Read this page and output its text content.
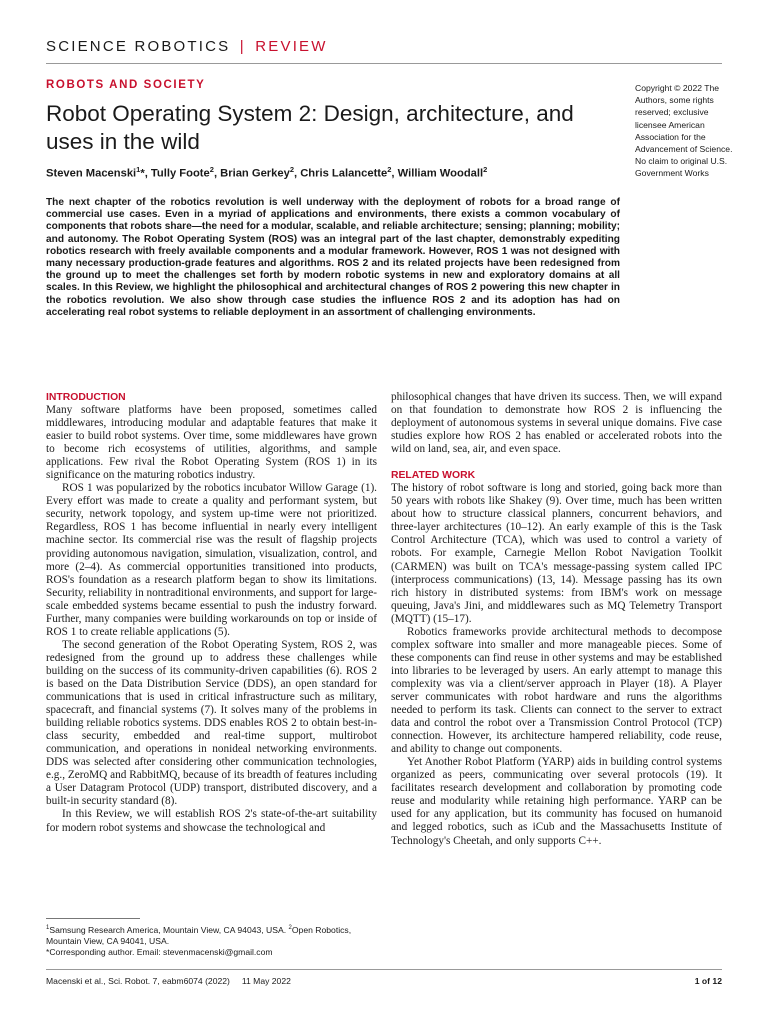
SCIENCE ROBOTICS | REVIEW
ROBOTS AND SOCIETY
Robot Operating System 2: Design, architecture, and uses in the wild
Steven Macenski$^1$*, Tully Foote$^2$, Brian Gerkey$^2$, Chris Lalancette$^2$, William Woodall$^2$
Copyright © 2022 The Authors, some rights reserved; exclusive licensee American Association for the Advancement of Science. No claim to original U.S. Government Works
The next chapter of the robotics revolution is well underway with the deployment of robots for a broad range of commercial use cases. Even in a myriad of applications and environments, there exists a common vocabulary of components that robots share—the need for a modular, scalable, and reliable architecture; sensing; planning; mobility; and autonomy. The Robot Operating System (ROS) was an integral part of the last chapter, demonstrably expediting robotics research with freely available components and a modular framework. However, ROS 1 was not designed with many necessary production-grade features and algorithms. ROS 2 and its related projects have been redesigned from the ground up to meet the challenges set forth by modern robotic systems in new and exploratory domains at all scales. In this Review, we highlight the philosophical and architectural changes of ROS 2 powering this new chapter in the robotics revolution. We also show through case studies the influence ROS 2 and its adoption has had on accelerating real robot systems to reliable deployment in an assortment of challenging environments.
INTRODUCTION

Many software platforms have been proposed, sometimes called middlewares, introducing modular and adaptable features that make it easier to build robot systems. Over time, some middlewares have grown to become rich ecosystems of utilities, algorithms, and sample applications. Few rival the Robot Operating System (ROS 1) in its significance on the maturing robotics industry.

ROS 1 was popularized by the robotics incubator Willow Garage (1). Every effort was made to create a quality and performant system, but security, network topology, and system up-time were not prioritized. Regardless, ROS 1 has become influential in nearly every intelligent machine sector. Its commercial rise was the result of flagship projects providing autonomous navigation, simulation, visualization, control, and more (2–4). As commercial opportunities transitioned into products, ROS's foundation as a research platform began to show its limitations. Security, reliability in nontraditional environments, and support for large-scale embedded systems became essential to push the industry forward. Further, many companies were building workarounds on top or inside of ROS 1 to create reliable applications (5).

The second generation of the Robot Operating System, ROS 2, was redesigned from the ground up to address these challenges while building on the success of its community-driven capabilities (6). ROS 2 is based on the Data Distribution Service (DDS), an open standard for communications that is used in critical infrastructure such as military, spacecraft, and financial systems (7). It solves many of the problems in building reliable robotics systems. DDS enables ROS 2 to obtain best-in-class security, embedded and real-time support, multirobot communication, and operations in nonideal networking environments. DDS was selected after considering other communication technologies, e.g., ZeroMQ and RabbitMQ, because of its breadth of features including a User Datagram Protocol (UDP) transport, distributed discovery, and a built-in security standard (8).

In this Review, we will establish ROS 2's state-of-the-art suitability for modern robot systems and showcase the technological and

philosophical changes that have driven its success. Then, we will expand on that foundation to demonstrate how ROS 2 is influencing the deployment of autonomous systems in several unique domains. Five case studies explore how ROS 2 has enabled or accelerated robots into the wild on land, sea, air, and even space.

RELATED WORK

The history of robot software is long and storied, going back more than 50 years with robots like Shakey (9). Over time, much has been written about how to structure classical planners, concurrent behaviors, and three-layer architectures (10–12). An early example of this is the Task Control Architecture (TCA), which was used to control a variety of robots. For example, Carnegie Mellon Robot Navigation Toolkit (CARMEN) was built on TCA's message-passing system called IPC (interprocess communications) (13, 14). Message passing has its own rich history in distributed systems: from IBM's work on message queuing, Java's Jini, and middlewares such as MQ Telemetry Transport (MQTT) (15–17).

Robotics frameworks provide architectural methods to decompose complex software into smaller and more manageable pieces. Some of these components can find reuse in other systems and may be established into libraries to be leveraged by users. An early attempt to manage this complexity was via a client/server approach in Player (18). A Player server communicates with robot hardware and runs the algorithms needed to perform its task. Clients can connect to the server to extract data and control the robot over a Transmission Control Protocol (TCP) connection. However, its architecture hampered reliability, code reuse, and ability to change out components.

Yet Another Robot Platform (YARP) aids in building control systems organized as peers, communicating over several protocols (19). It facilitates research development and collaboration by promoting code reuse and modularity while retaining high performance. YARP can be used for any application, but its community has focused on humanoid and legged robotics, such as iCub and the Massachusetts Institute of Technology's Cheetah, and only supports C++.

$^1$Samsung Research America, Mountain View, CA 94043, USA. $^2$Open Robotics, Mountain View, CA 94041, USA.
*Corresponding author. Email: stevenmacenski@gmail.com
Macenski et al., Sci. Robot. 7, eabm6074 (2022)     11 May 2022	1 of 12
